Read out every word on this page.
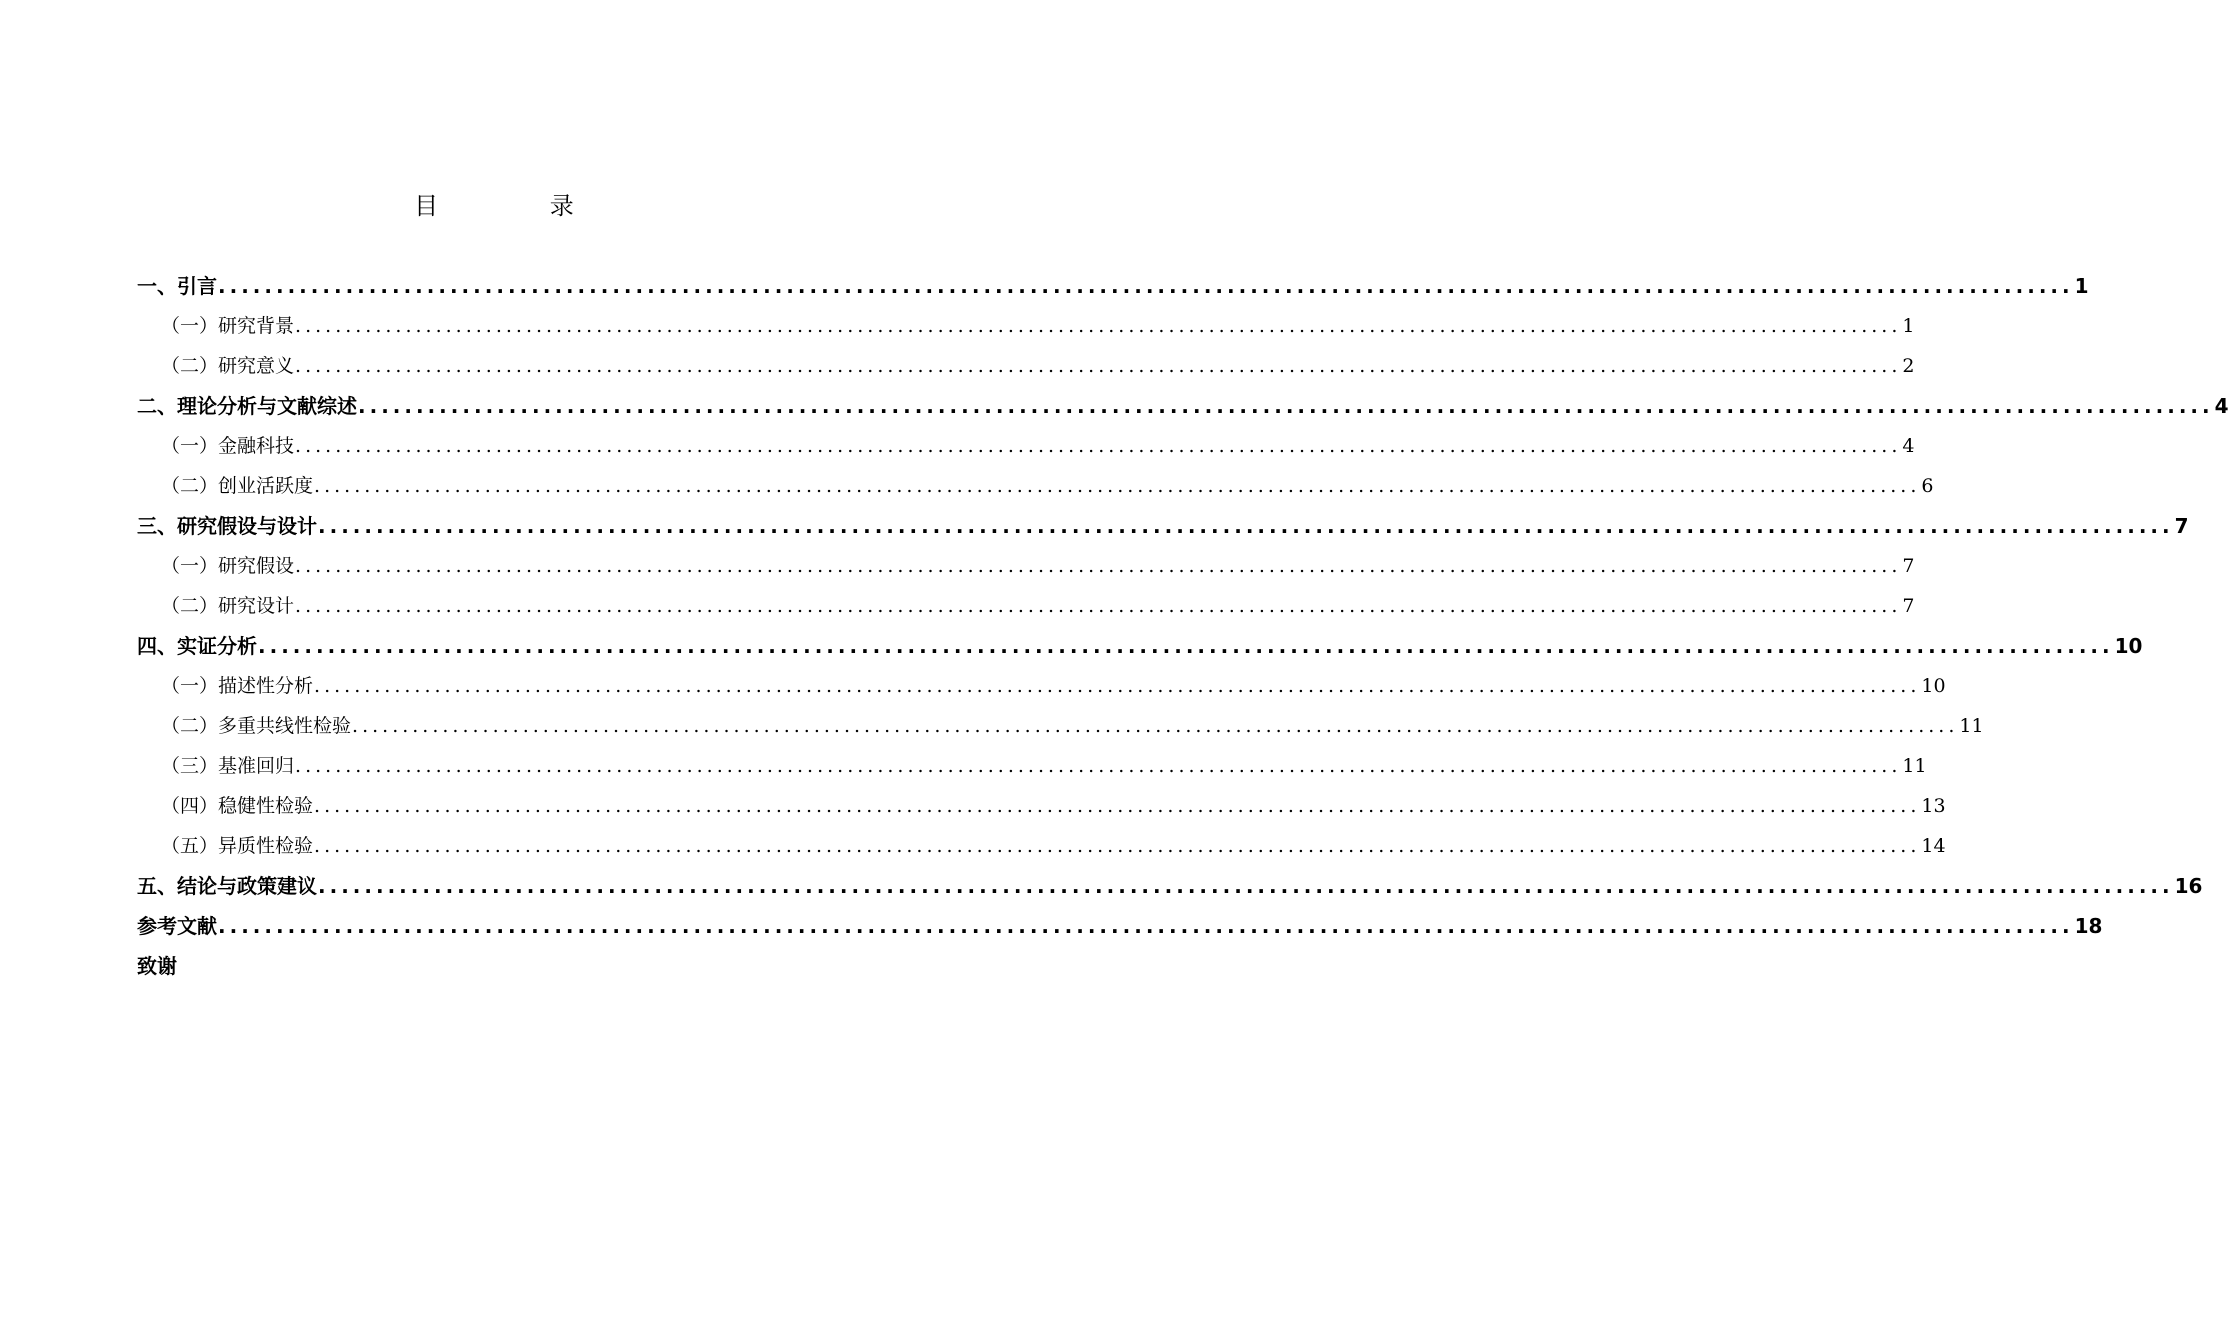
目 录
一、 引言 ................................................................................................................................................................ 1
（一） 研究背景 ................................................................................................................................................................ 1
（二） 研究意义 ................................................................................................................................................................ 2
二、 理论分析与文献综述 ................................................................................................................................................................ 4
（一） 金融科技 ................................................................................................................................................................ 4
（二） 创业活跃度 ................................................................................................................................................................ 6
三、 研究假设与设计 ................................................................................................................................................................ 7
（一） 研究假设 ................................................................................................................................................................ 7
（二） 研究设计 ................................................................................................................................................................ 7
四、 实证分析 ................................................................................................................................................................ 10
（一） 描述性分析 ................................................................................................................................................................ 10
（二） 多重共线性检验 ................................................................................................................................................................ 11
（三） 基准回归 ................................................................................................................................................................ 11
（四） 稳健性检验 ................................................................................................................................................................ 13
（五） 异质性检验 ................................................................................................................................................................ 14
五、 结论与政策建议 ................................................................................................................................................................ 16
参考文献 ................................................................................................................................................................ 18
致谢
